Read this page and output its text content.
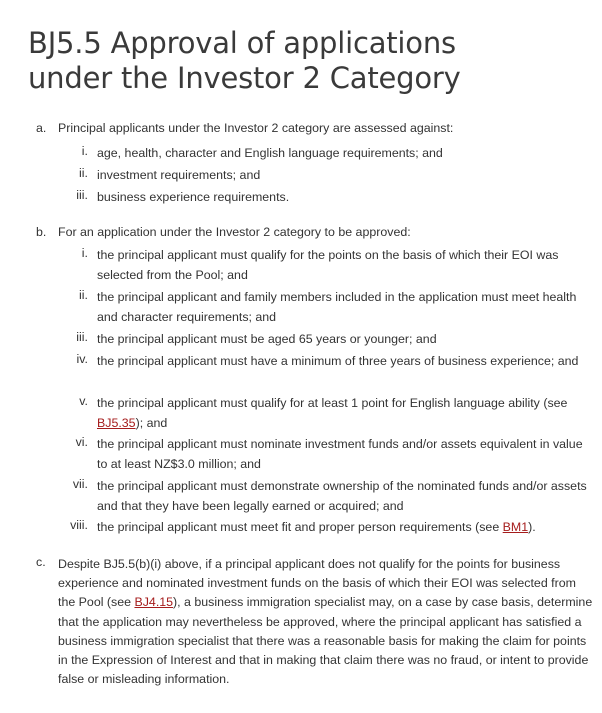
BJ5.5 Approval of applications
under the Investor 2 Category
a. Principal applicants under the Investor 2 category are assessed against:
i. age, health, character and English language requirements; and
ii. investment requirements; and
iii. business experience requirements.
b. For an application under the Investor 2 category to be approved:
i. the principal applicant must qualify for the points on the basis of which their EOI was selected from the Pool; and
ii. the principal applicant and family members included in the application must meet health and character requirements; and
iii. the principal applicant must be aged 65 years or younger; and
iv. the principal applicant must have a minimum of three years of business experience; and
v. the principal applicant must qualify for at least 1 point for English language ability (see BJ5.35); and
vi. the principal applicant must nominate investment funds and/or assets equivalent in value to at least NZ$3.0 million; and
vii. the principal applicant must demonstrate ownership of the nominated funds and/or assets and that they have been legally earned or acquired; and
viii. the principal applicant must meet fit and proper person requirements (see BM1).
c. Despite BJ5.5(b)(i) above, if a principal applicant does not qualify for the points for business experience and nominated investment funds on the basis of which their EOI was selected from the Pool (see BJ4.15), a business immigration specialist may, on a case by case basis, determine that the application may nevertheless be approved, where the principal applicant has satisfied a business immigration specialist that there was a reasonable basis for making the claim for points in the Expression of Interest and that in making that claim there was no fraud, or intent to provide false or misleading information.
